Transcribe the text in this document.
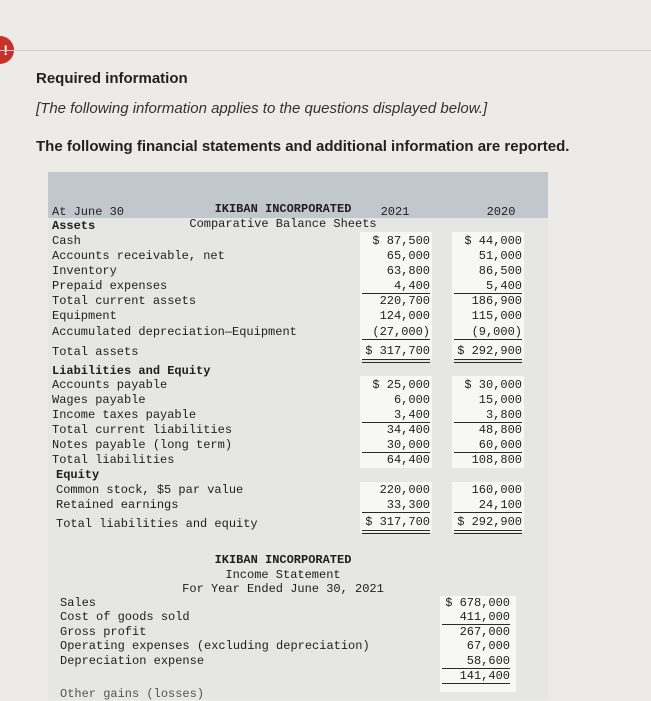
!
Required information
[The following information applies to the questions displayed below.]
The following financial statements and additional information are reported.

IKIBAN INCORPORATED

Comparative Balance Sheets

At June 30	2021	2020
Assets
Cash	$ 87,500	$ 44,000
Accounts receivable, net	65,000	51,000
Inventory	63,800	86,500
Prepaid expenses	4,400	5,400
Total current assets	220,700	186,900
Equipment	124,000	115,000
Accumulated depreciation—Equipment	(27,000)	(9,000)
Total assets	$ 317,700	$ 292,900
Liabilities and Equity
Accounts payable	$ 25,000	$ 30,000
Wages payable	6,000	15,000
Income taxes payable	3,400	3,800
Total current liabilities	34,400	48,800
Notes payable (long term)	30,000	60,000
Total liabilities	64,400	108,800
Equity
Common stock, $5 par value	220,000	160,000
Retained earnings	33,300	24,100
Total liabilities and equity	$ 317,700	$ 292,900
IKIBAN INCORPORATED
Income Statement
For Year Ended June 30, 2021
Sales	$ 678,000
Cost of goods sold	411,000
Gross profit	267,000
Operating expenses (excluding depreciation)	67,000
Depreciation expense	58,600
141,400
Other gains (losses)
